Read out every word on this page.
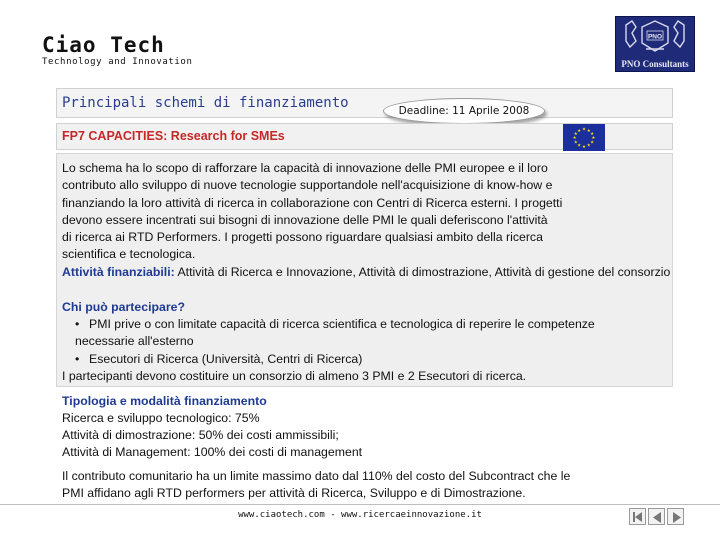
Ciao Tech
Technology and Innovation
PNO
PNO Consultants
Principali schemi di finanziamento	Deadline: 11 Aprile 2008
FP7 CAPACITIES: Research for SMEs	★ ★
★
★
★
★
★
★
★
★
★
★
Lo schema ha lo scopo di rafforzare la capacità di innovazione delle PMI europee e il loro
contributo allo sviluppo di nuove tecnologie supportandole nell'acquisizione di know-how e
finanziando la loro attività di ricerca in collaborazione con Centri di Ricerca esterni. I progetti
devono essere incentrati sui bisogni di innovazione delle PMI le quali deferiscono l'attività
di ricerca ai RTD Performers. I progetti possono riguardare qualsiasi ambito della ricerca
scientifica e tecnologica.
Attività finanziabili: Attività di Ricerca e Innovazione, Attività di dimostrazione, Attività di gestione del consorzio
Chi può partecipare?
• PMI prive o con limitate capacità di ricerca scientifica e tecnologica di reperire le competenze
necessarie all'esterno
• Esecutori di Ricerca (Università, Centri di Ricerca)
I partecipanti devono costituire un consorzio di almeno 3 PMI e 2 Esecutori di ricerca.
Tipologia e modalità finanziamento
Ricerca e sviluppo tecnologico: 75%
Attività di dimostrazione: 50% dei costi ammissibili;
Attività di Management: 100% dei costi di management
Il contributo comunitario ha un limite massimo dato dal 110% del costo del Subcontract che le
PMI affidano agli RTD performers per attività di Ricerca, Sviluppo e di Dimostrazione.
www.ciaotech.com - www.ricercaeinnovazione.it
